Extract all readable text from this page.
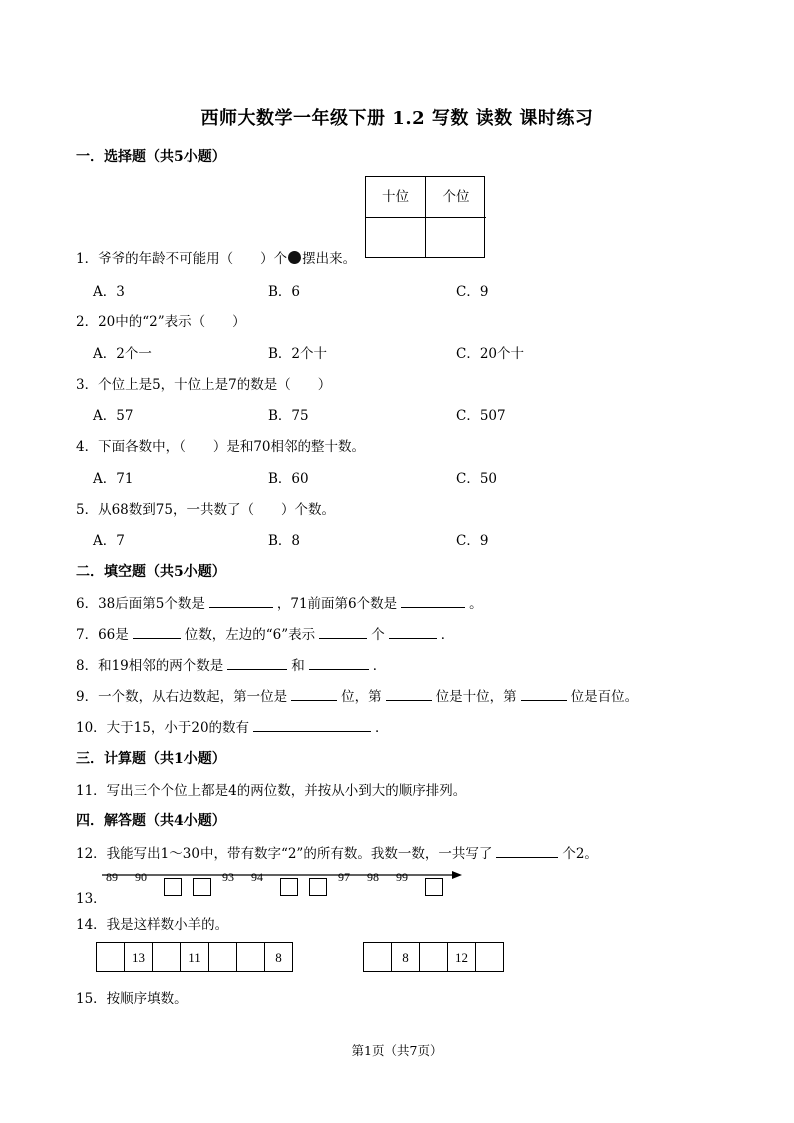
西师大数学一年级下册 1.2 写数 读数 课时练习
一．选择题（共5小题）
十位	个位
1．爷爷的年龄不可能用（　　）个 摆出来。
A．3	B．6	C．9
2．20中的“2”表示（　　）
A．2个一	B．2个十	C．20个十
3．个位上是5，十位上是7的数是（　　）
A．57	B．75	C．507
4．下面各数中，（　　）是和70相邻的整十数。
A．71	B．60	C．50
5．从68数到75，一共数了（　　）个数。
A．7	B．8	C．9
二．填空题（共5小题）
6．38后面第5个数是	，71前面第6个数是	。
7．66是	位数，左边的“6”表示	个	．
8．和19相邻的两个数是	和	．
9．一个数，从右边数起，第一位是	位，第	位是十位，第	位是百位。
10．大于15，小于20的数有	．
三．计算题（共1小题）
11．写出三个个位上都是4的两位数，并按从小到大的顺序排列。
四．解答题（共4小题）
12．我能写出1～30中，带有数字“2”的所有数。我数一数，一共写了	个2。
13．
89 90	93 94	97 98 99
14．我是这样数小羊的。
13	11	8	8	12
15．按顺序填数。
第1页（共7页）
